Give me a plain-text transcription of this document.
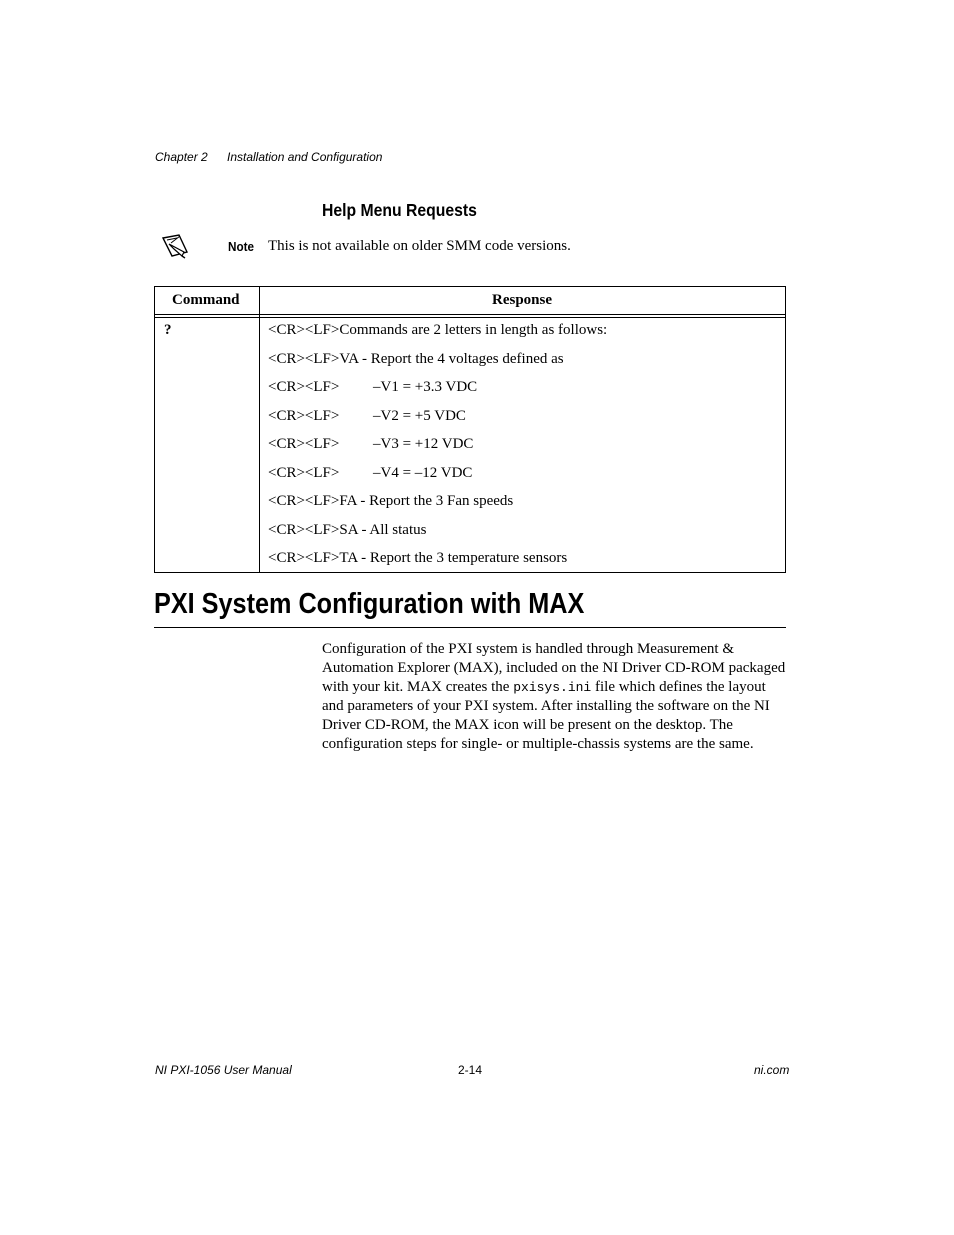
Chapter 2 Installation and Configuration
Help Menu Requests
Note This is not available on older SMM code versions.
Command	Response
?	<CR><LF>Commands are 2 letters in length as follows:
<CR><LF>VA - Report the 4 voltages defined as
<CR><LF> –V1 = +3.3 VDC
<CR><LF> –V2 = +5 VDC
<CR><LF> –V3 = +12 VDC
<CR><LF> –V4 = –12 VDC
<CR><LF>FA - Report the 3 Fan speeds
<CR><LF>SA - All status
<CR><LF>TA - Report the 3 temperature sensors
PXI System Configuration with MAX
Configuration of the PXI system is handled through Measurement & Automation Explorer (MAX), included on the NI Driver CD-ROM packaged with your kit. MAX creates the pxisys.ini file which defines the layout and parameters of your PXI system. After installing the software on the NI Driver CD-ROM, the MAX icon will be present on the desktop. The configuration steps for single- or multiple-chassis systems are the same.
NI PXI-1056 User Manual	2-14	ni.com
